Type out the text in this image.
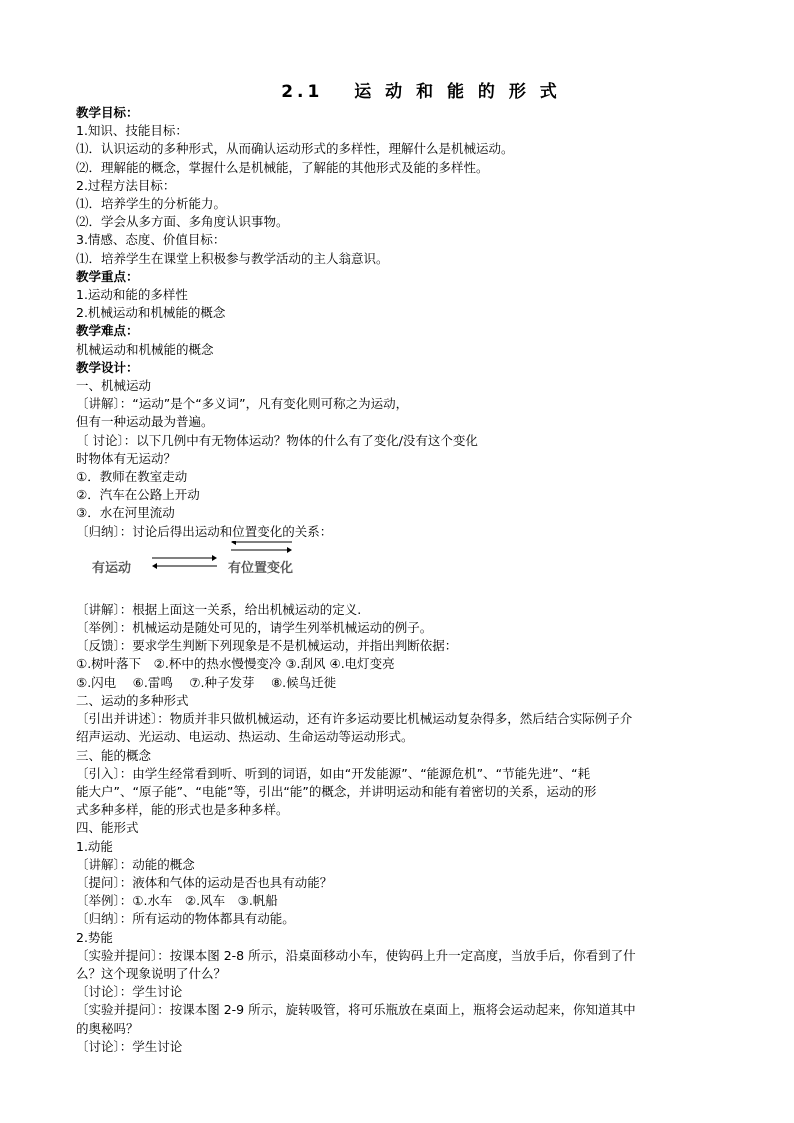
2.1　 运 动 和 能 的 形 式
教学目标：
1.知识、技能目标：
⑴．认识运动的多种形式，从而确认运动形式的多样性，理解什么是机械运动。
⑵．理解能的概念，掌握什么是机械能，了解能的其他形式及能的多样性。
2.过程方法目标：
⑴．培养学生的分析能力。
⑵．学会从多方面、多角度认识事物。
3.情感、态度、价值目标：
⑴．培养学生在课堂上积极参与教学活动的主人翁意识。
教学重点：
1.运动和能的多样性
2.机械运动和机械能的概念
教学难点：
机械运动和机械能的概念
教学设计：
一、机械运动
〔讲解〕：“运动”是个“多义词”，凡有变化则可称之为运动，
但有一种运动最为普遍。
〔 讨论〕：以下几例中有无物体运动？物体的什么有了变化/没有这个变化
时物体有无运动？
①．教师在教室走动
②．汽车在公路上开动
③．水在河里流动
〔归纳〕：讨论后得出运动和位置变化的关系：
有运动	有位置变化
〔讲解〕：根据上面这一关系，给出机械运动的定义.
〔举例〕：机械运动是随处可见的，请学生列举机械运动的例子。
〔反馈〕：要求学生判断下列现象是不是机械运动，并指出判断依据：
①.树叶落下　②.杯中的热水慢慢变冷 ③.刮风 ④.电灯变亮
⑤.闪电　 ⑥.雷鸣　 ⑦.种子发芽　 ⑧.候鸟迁徙
二、运动的多种形式
〔引出并讲述〕：物质并非只做机械运动，还有许多运动要比机械运动复杂得多，然后结合实际例子介
绍声运动、光运动、电运动、热运动、生命运动等运动形式。
三、能的概念
〔引入〕：由学生经常看到听、听到的词语，如由“开发能源”、“能源危机”、“节能先进”、“耗
能大户”、“原子能”、“电能”等，引出“能”的概念，并讲明运动和能有着密切的关系，运动的形
式多种多样，能的形式也是多种多样。
四、能形式
1.动能
〔讲解〕：动能的概念
〔提问〕：液体和气体的运动是否也具有动能？
〔举例〕：①.水车　②.风车　③.帆船
〔归纳〕：所有运动的物体都具有动能。
2.势能
〔实验并提问〕：按课本图 2-8 所示，沿桌面移动小车，使钩码上升一定高度，当放手后，你看到了什
么？这个现象说明了什么？
〔讨论〕：学生讨论
〔实验并提问〕：按课本图 2-9 所示，旋转吸管，将可乐瓶放在桌面上，瓶将会运动起来，你知道其中
的奥秘吗？
〔讨论〕：学生讨论
